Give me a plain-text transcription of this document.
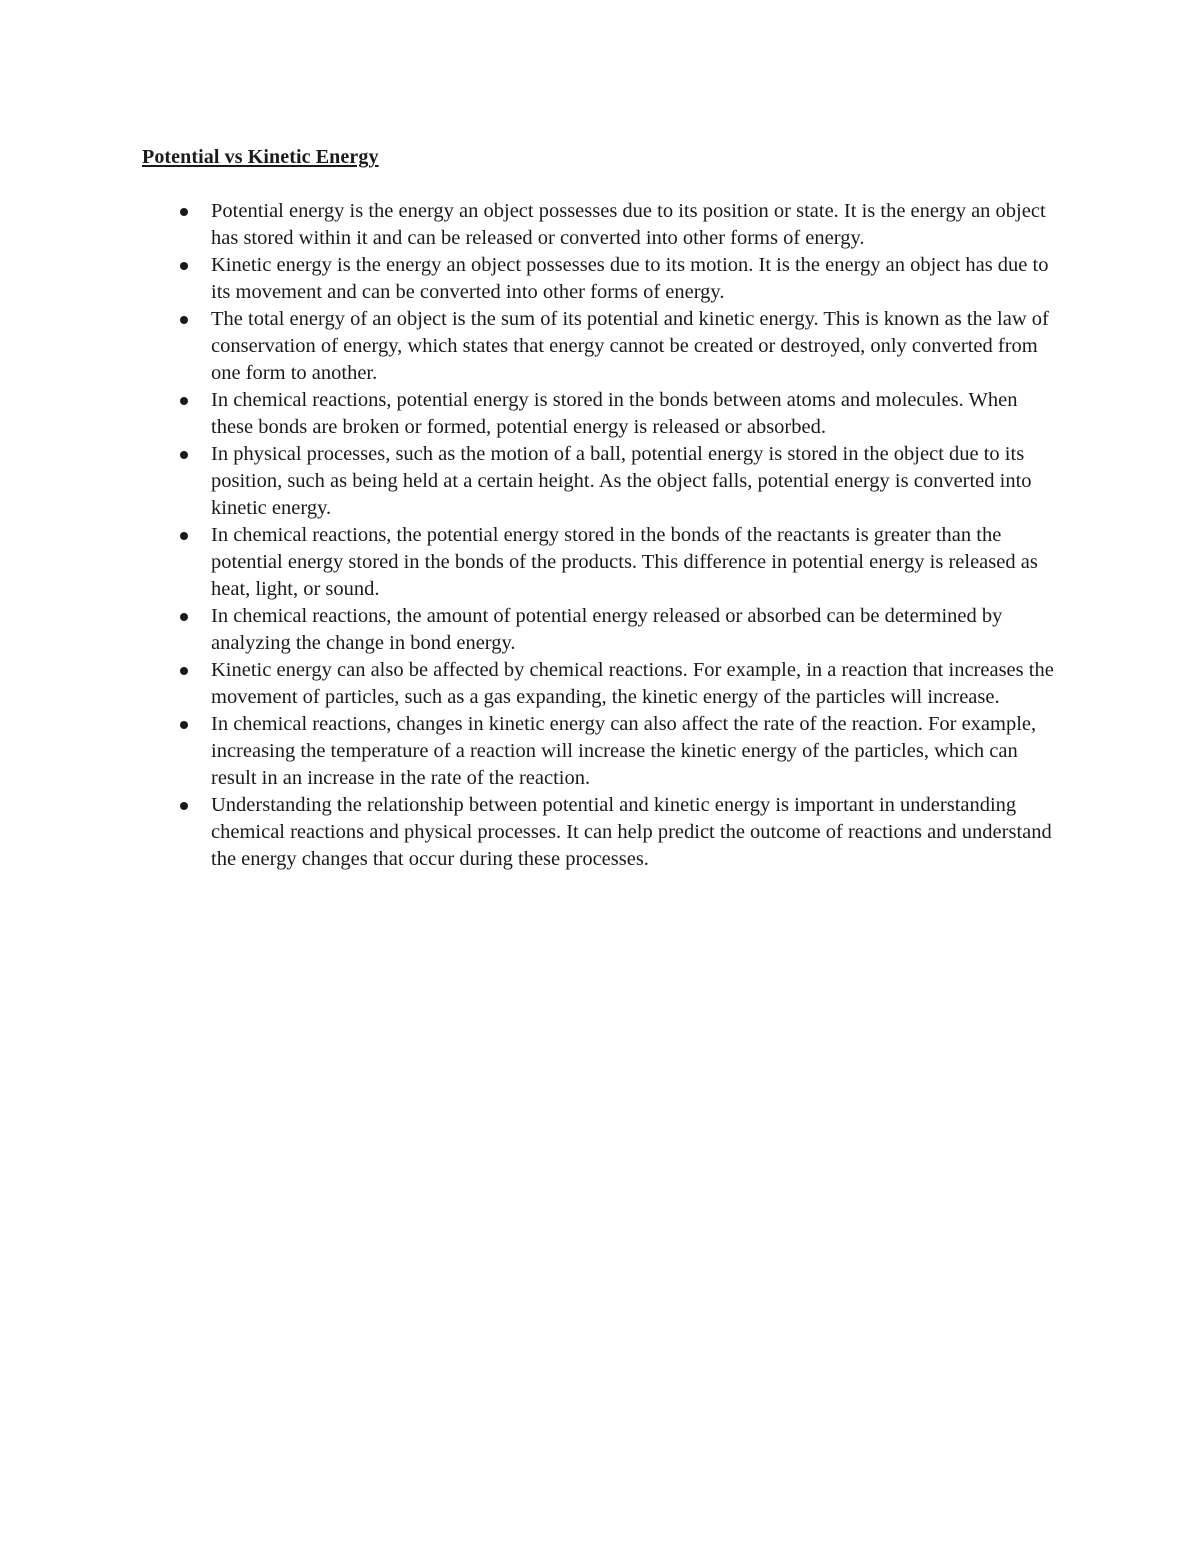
Potential vs Kinetic Energy
Potential energy is the energy an object possesses due to its position or state. It is the energy an object has stored within it and can be released or converted into other forms of energy.
Kinetic energy is the energy an object possesses due to its motion. It is the energy an object has due to its movement and can be converted into other forms of energy.
The total energy of an object is the sum of its potential and kinetic energy. This is known as the law of conservation of energy, which states that energy cannot be created or destroyed, only converted from one form to another.
In chemical reactions, potential energy is stored in the bonds between atoms and molecules. When these bonds are broken or formed, potential energy is released or absorbed.
In physical processes, such as the motion of a ball, potential energy is stored in the object due to its position, such as being held at a certain height. As the object falls, potential energy is converted into kinetic energy.
In chemical reactions, the potential energy stored in the bonds of the reactants is greater than the potential energy stored in the bonds of the products. This difference in potential energy is released as heat, light, or sound.
In chemical reactions, the amount of potential energy released or absorbed can be determined by analyzing the change in bond energy.
Kinetic energy can also be affected by chemical reactions. For example, in a reaction that increases the movement of particles, such as a gas expanding, the kinetic energy of the particles will increase.
In chemical reactions, changes in kinetic energy can also affect the rate of the reaction. For example, increasing the temperature of a reaction will increase the kinetic energy of the particles, which can result in an increase in the rate of the reaction.
Understanding the relationship between potential and kinetic energy is important in understanding chemical reactions and physical processes. It can help predict the outcome of reactions and understand the energy changes that occur during these processes.
